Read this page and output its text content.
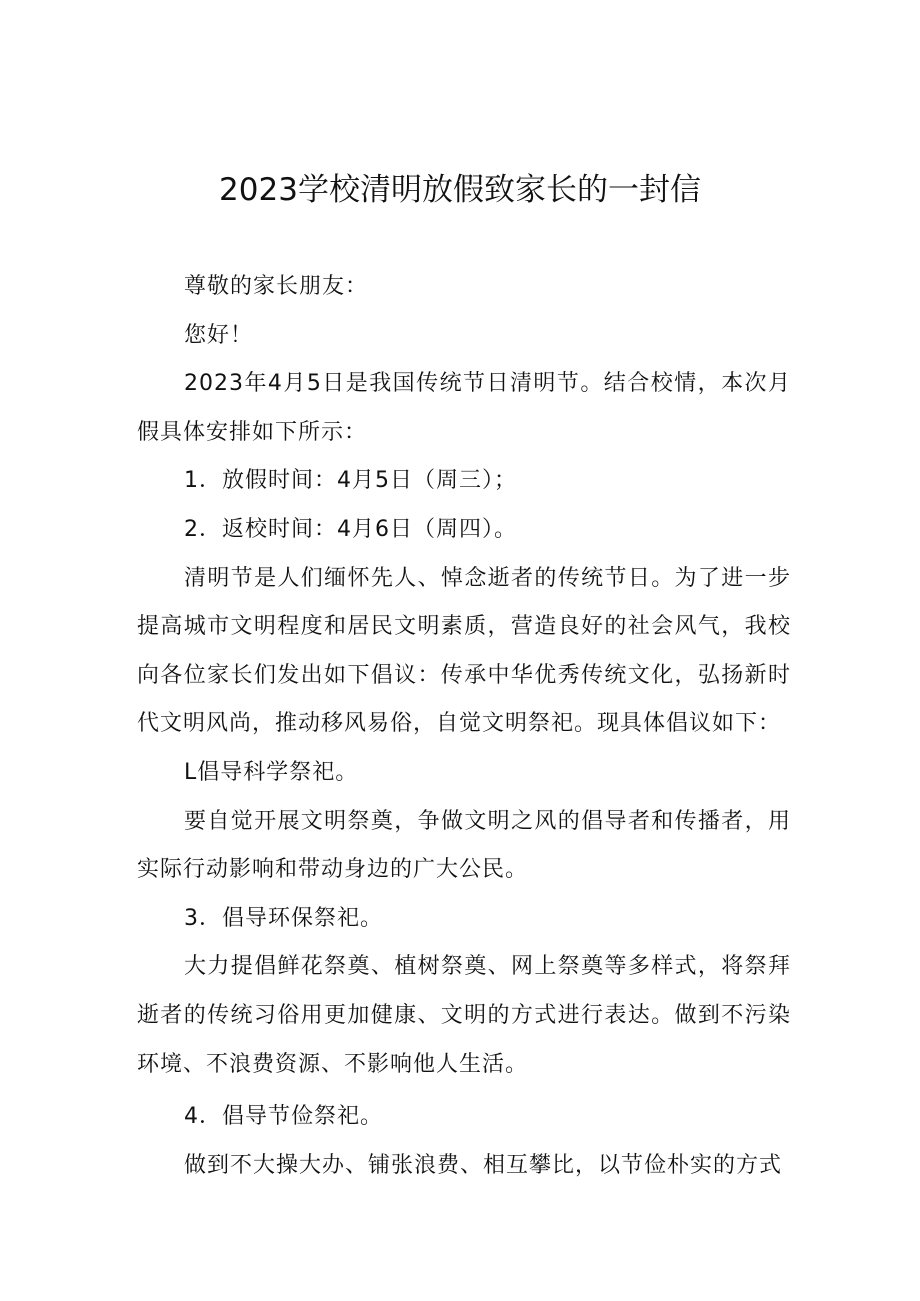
2023学校清明放假致家长的一封信

尊敬的家长朋友：

您好！

2023年4月5日是我国传统节日清明节。结合校情，本次月假具体安排如下所示：

1．放假时间：4月5日（周三）；

2．返校时间：4月6日（周四）。

清明节是人们缅怀先人、悼念逝者的传统节日。为了进一步提高城市文明程度和居民文明素质，营造良好的社会风气，我校向各位家长们发出如下倡议：传承中华优秀传统文化，弘扬新时代文明风尚，推动移风易俗，自觉文明祭祀。现具体倡议如下：

L倡导科学祭祀。

要自觉开展文明祭奠，争做文明之风的倡导者和传播者，用实际行动影响和带动身边的广大公民。

3．倡导环保祭祀。

大力提倡鲜花祭奠、植树祭奠、网上祭奠等多样式，将祭拜逝者的传统习俗用更加健康、文明的方式进行表达。做到不污染环境、不浪费资源、不影响他人生活。

4．倡导节俭祭祀。

做到不大操大办、铺张浪费、相互攀比，以节俭朴实的方式
